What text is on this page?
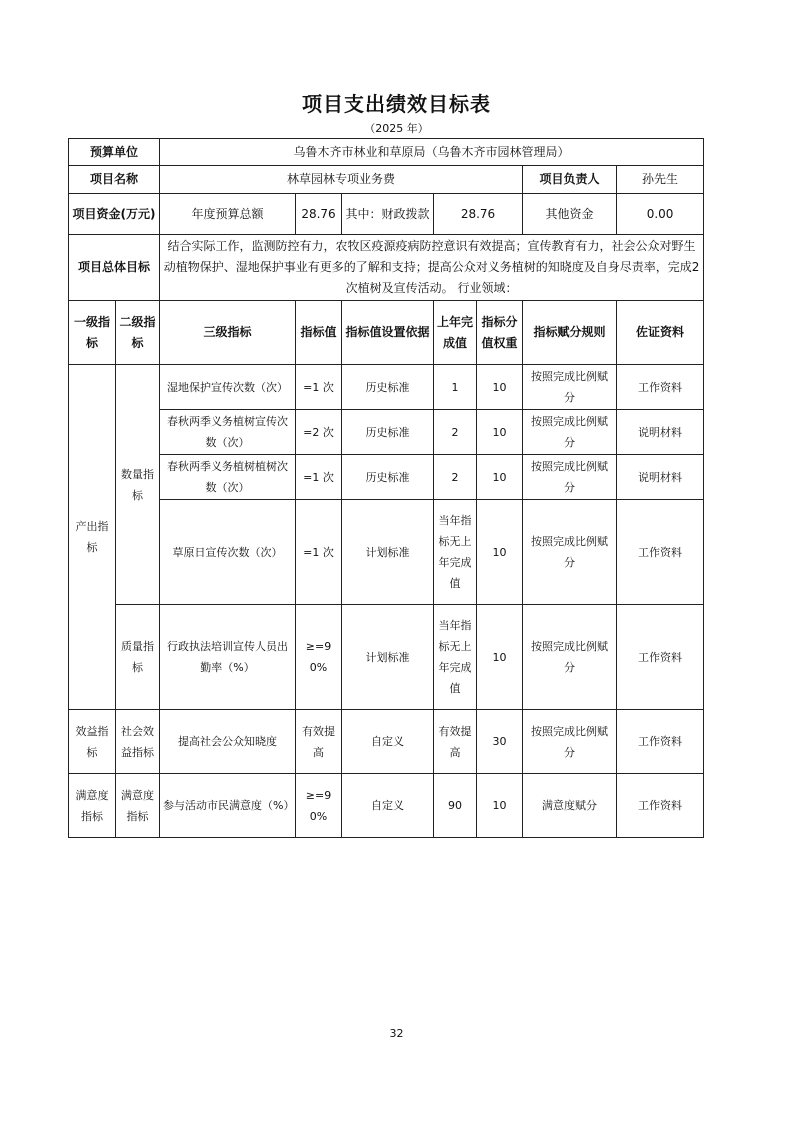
项目支出绩效目标表
（2025 年）
预算单位		乌鲁木齐市林业和草原局（乌鲁木齐市园林管理局）						
项目名称		林草园林专项业务费					项目负责人	孙先生
项目资金(万元)		年度预算总额	28.76	其中：财政拨款	28.76		其他资金	0.00
项目总体目标		结合实际工作，监测防控有力，农牧区疫源疫病防控意识有效提高；宣传教育有力，社会公众对野生动植物保护、湿地保护事业有更多的了解和支持；提高公众对义务植树的知晓度及自身尽责率，完成2次植树及宣传活动。 行业领域：						
一级指标	二级指标	三级指标	指标值	指标值设置依据	上年完成值	指标分值权重	指标赋分规则	佐证资料
产出指标	数量指标	湿地保护宣传次数（次）	=1 次	历史标准	1	10	按照完成比例赋分	工作资料
		春秋两季义务植树宣传次数（次）	=2 次	历史标准	2	10	按照完成比例赋分	说明材料
		春秋两季义务植树植树次数（次）	=1 次	历史标准	2	10	按照完成比例赋分	说明材料
		草原日宣传次数（次）	=1 次	计划标准	当年指标无上年完成值	10	按照完成比例赋分	工作资料
	质量指标	行政执法培训宣传人员出勤率（%）	≥=90%	计划标准	当年指标无上年完成值	10	按照完成比例赋分	工作资料
效益指标	社会效益指标	提高社会公众知晓度	有效提高	自定义	有效提高	30	按照完成比例赋分	工作资料
满意度指标	满意度指标	参与活动市民满意度（%）	≥=90%	自定义	90	10	满意度赋分	工作资料
32
